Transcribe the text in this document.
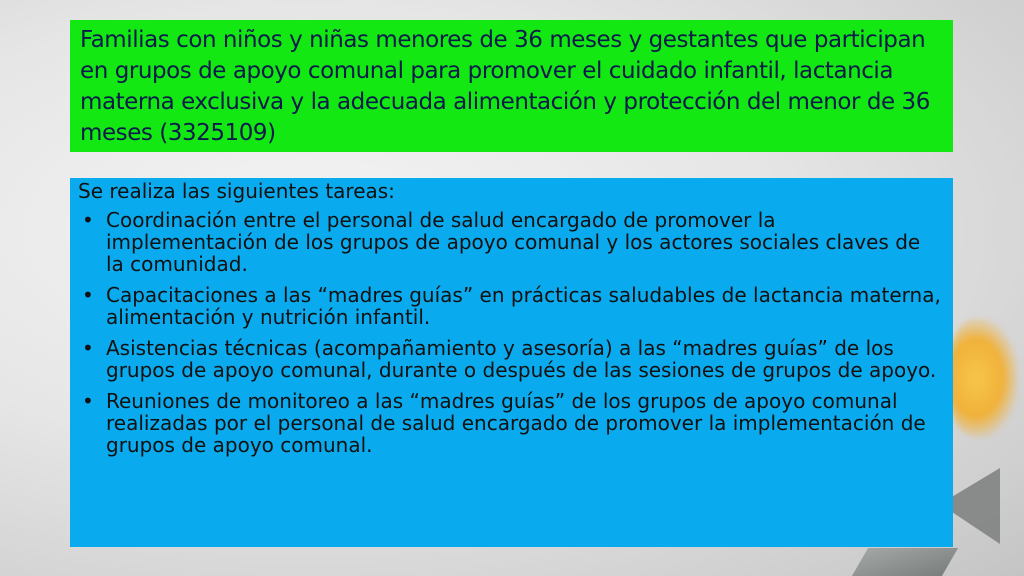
Familias con niños y niñas menores de 36 meses y gestantes que participan en grupos de apoyo comunal para promover el cuidado infantil, lactancia materna exclusiva y la adecuada alimentación y protección del menor de 36 meses (3325109)

Se realiza las siguientes tareas:

• Coordinación entre el personal de salud encargado de promover la implementación de los grupos de apoyo comunal y los actores sociales claves de la comunidad.
• Capacitaciones a las “madres guías” en prácticas saludables de lactancia materna, alimentación y nutrición infantil.
• Asistencias técnicas (acompañamiento y asesoría) a las “madres guías” de los grupos de apoyo comunal, durante o después de las sesiones de grupos de apoyo.
• Reuniones de monitoreo a las “madres guías” de los grupos de apoyo comunal realizadas por el personal de salud encargado de promover la implementación de grupos de apoyo comunal.
